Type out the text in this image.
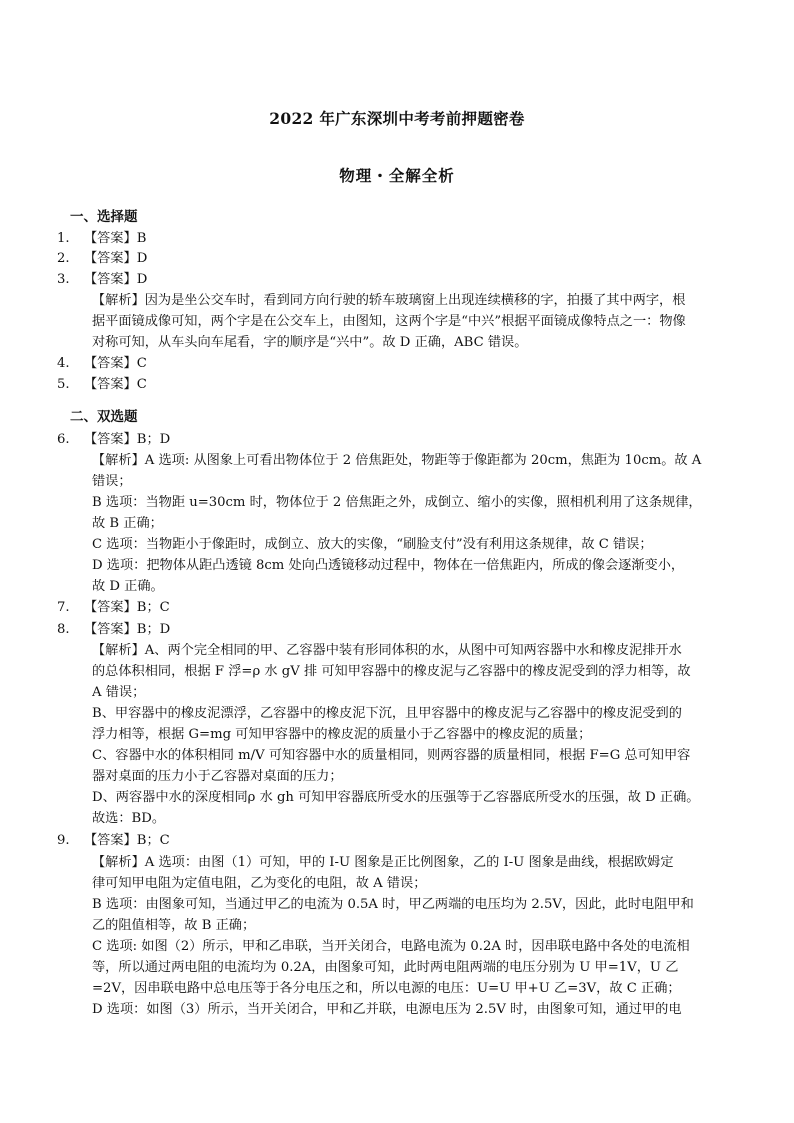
2022 年广东深圳中考考前押题密卷
物理・全解全析
一、选择题
1. 【答案】B
2. 【答案】D
3. 【答案】D
【解析】因为是坐公交车时，看到同方向行驶的轿车玻璃窗上出现连续横移的字，拍摄了其中两字，根
据平面镜成像可知，两个字是在公交车上，由图知，这两个字是“中兴”根据平面镜成像特点之一：物像
对称可知，从车头向车尾看，字的顺序是“兴中”。故 D 正确，ABC 错误。
4. 【答案】C
5. 【答案】C
二、双选题
6. 【答案】B；D
【解析】A 选项: 从图象上可看出物体位于 2 倍焦距处，物距等于像距都为 20cm，焦距为 10cm。故 A
错误；
B 选项：当物距 u=30cm 时，物体位于 2 倍焦距之外，成倒立、缩小的实像，照相机利用了这条规律，
故 B 正确；
C 选项：当物距小于像距时，成倒立、放大的实像，“刷脸支付”没有利用这条规律，故 C 错误；
D 选项：把物体从距凸透镜 8cm 处向凸透镜移动过程中，物体在一倍焦距内，所成的像会逐渐变小，
故 D 正确。
7. 【答案】B；C
8. 【答案】B；D
【解析】A、两个完全相同的甲、乙容器中装有形同体积的水，从图中可知两容器中水和橡皮泥排开水
的总体积相同，根据 F 浮=ρ 水 gV 排 可知甲容器中的橡皮泥与乙容器中的橡皮泥受到的浮力相等，故
A 错误；
B、甲容器中的橡皮泥漂浮，乙容器中的橡皮泥下沉，且甲容器中的橡皮泥与乙容器中的橡皮泥受到的
浮力相等，根据 G=mg 可知甲容器中的橡皮泥的质量小于乙容器中的橡皮泥的质量；
C、容器中水的体积相同 m/V 可知容器中水的质量相同，则两容器的质量相同，根据 F=G 总可知甲容
器对桌面的压力小于乙容器对桌面的压力；
D、两容器中水的深度相同ρ 水 gh 可知甲容器底所受水的压强等于乙容器底所受水的压强，故 D 正确。
故选：BD。
9. 【答案】B；C
【解析】A 选项：由图（1）可知，甲的 I-U 图象是正比例图象，乙的 I-U 图象是曲线，根据欧姆定
律可知甲电阻为定值电阻，乙为变化的电阻，故 A 错误；
B 选项：由图象可知，当通过甲乙的电流为 0.5A 时，甲乙两端的电压均为 2.5V，因此，此时电阻甲和
乙的阻值相等，故 B 正确；
C 选项: 如图（2）所示，甲和乙串联，当开关闭合，电路电流为 0.2A 时，因串联电路中各处的电流相
等，所以通过两电阻的电流均为 0.2A，由图象可知，此时两电阻两端的电压分别为 U 甲=1V，U 乙
=2V，因串联电路中总电压等于各分电压之和，所以电源的电压：U=U 甲+U 乙=3V，故 C 正确；
D 选项：如图（3）所示，当开关闭合，甲和乙并联，电源电压为 2.5V 时，由图象可知，通过甲的电
